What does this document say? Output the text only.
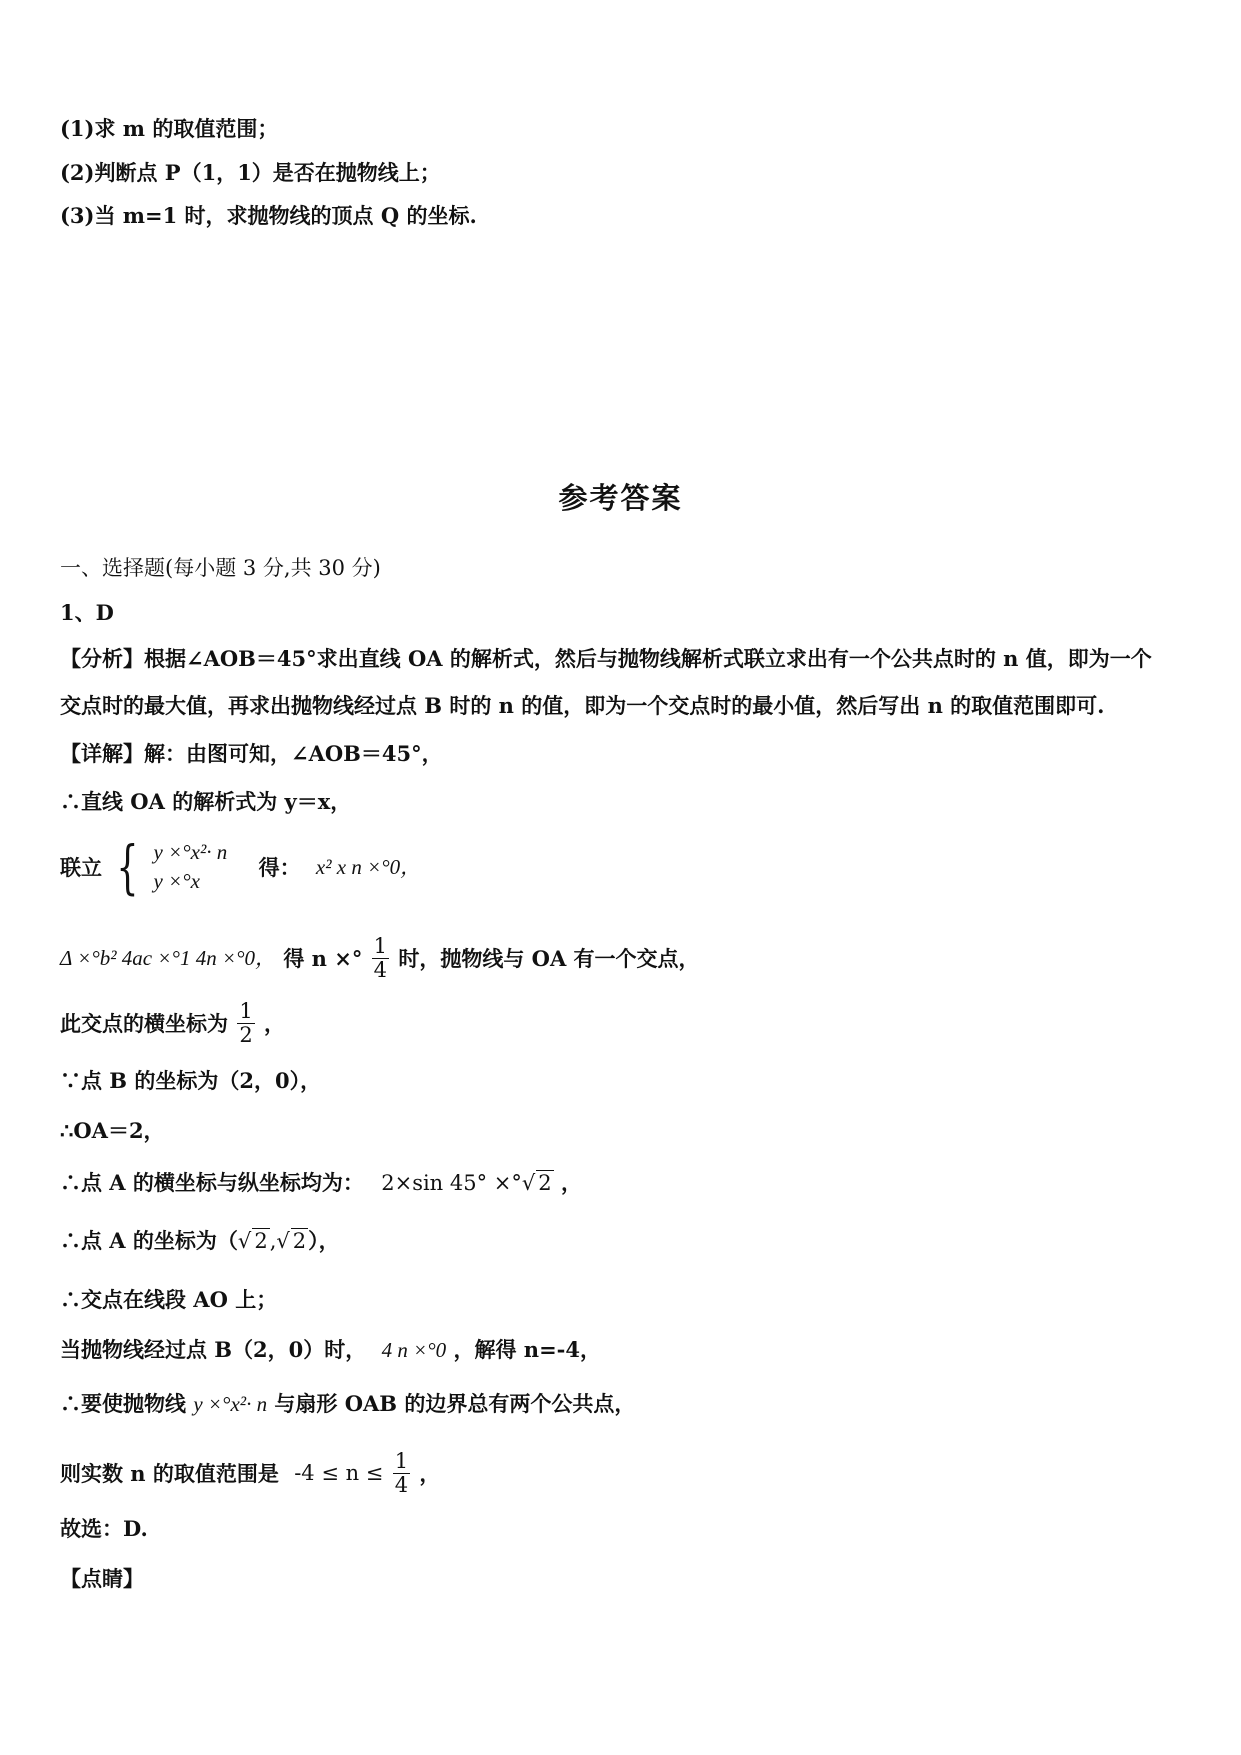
(1)求 m 的取值范围；
(2)判断点 P（1，1）是否在抛物线上；
(3)当 m=1 时，求抛物线的顶点 Q 的坐标.
参考答案
一、选择题(每小题 3 分,共 30 分)
1、D
【分析】根据∠AOB＝45°求出直线 OA 的解析式，然后与抛物线解析式联立求出有一个公共点时的 n 值，即为一个
交点时的最大值，再求出抛物线经过点 B 时的 n 的值，即为一个交点时的最小值，然后写出 n 的取值范围即可.
【详解】解：由图可知，∠AOB＝45°，
∴直线 OA 的解析式为 y＝x，
联立 { y ×°x²· n
y ×°x
得： x² x n ×°0，
Δ ×°b² 4ac ×°1 4n ×°0， 得 n ×° $\frac{1}{4}$ 时，抛物线与 OA 有一个交点，
此交点的横坐标为 $\frac{1}{2}$ ，
∵点 B 的坐标为（2，0），
∴OA＝2，
∴点 A 的横坐标与纵坐标均为： 2×sin 45° ×°√ 2 ，
∴点 A 的坐标为（√ 2,√ 2），
∴交点在线段 AO 上；
当抛物线经过点 B（2，0）时， 4 n ×°0 ，解得 n=-4，
∴要使抛物线 y ×°x²· n 与扇形 OAB 的边界总有两个公共点，
则实数 n 的取值范围是 $-4 \le n \le \frac{1}{4}$ ，
故选：D.
【点睛】
